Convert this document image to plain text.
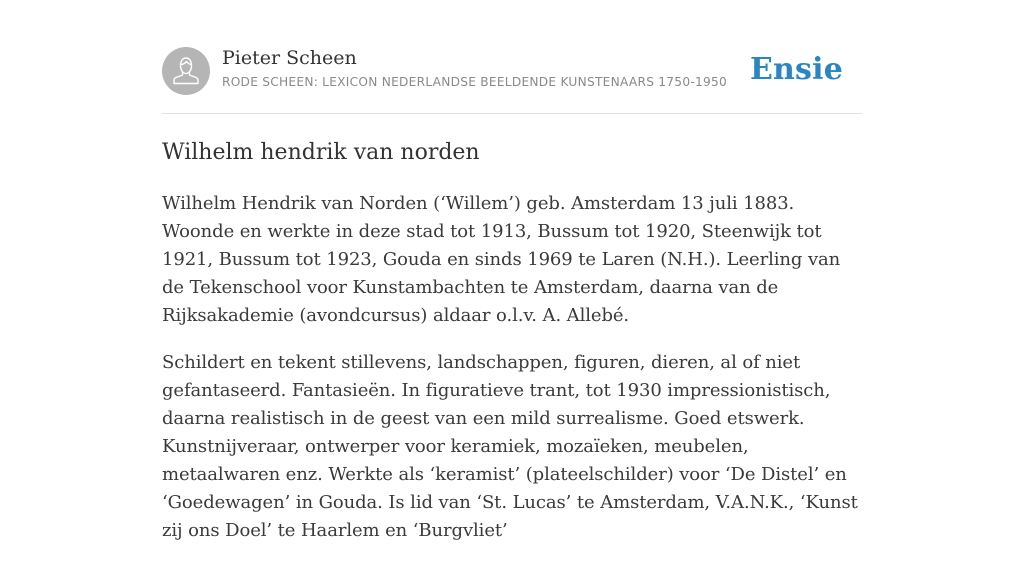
Pieter Scheen
RODE SCHEEN: LEXICON NEDERLANDSE BEELDENDE KUNSTENAARS 1750-1950 Ensie
Wilhelm hendrik van norden

Wilhelm Hendrik van Norden (‘Willem’) geb. Amsterdam 13 juli 1883. Woonde en werkte in deze stad tot 1913, Bussum tot 1920, Steenwijk tot 1921, Bussum tot 1923, Gouda en sinds 1969 te Laren (N.H.). Leerling van de Tekenschool voor Kunstambachten te Amsterdam, daarna van de Rijksakademie (avondcursus) aldaar o.l.v. A. Allebé.

Schildert en tekent stillevens, landschappen, figuren, dieren, al of niet gefantaseerd. Fantasieën. In figuratieve trant, tot 1930 impressionistisch, daarna realistisch in de geest van een mild surrealisme. Goed etswerk. Kunstnijveraar, ontwerper voor keramiek, mozaïeken, meubelen, metaalwaren enz. Werkte als ‘keramist’ (plateelschilder) voor ‘De Distel’ en ‘Goedewagen’ in Gouda. Is lid van ‘St. Lucas’ te Amsterdam, V.A.N.K., ‘Kunst zij ons Doel’ te Haarlem en ‘Burgvliet’
